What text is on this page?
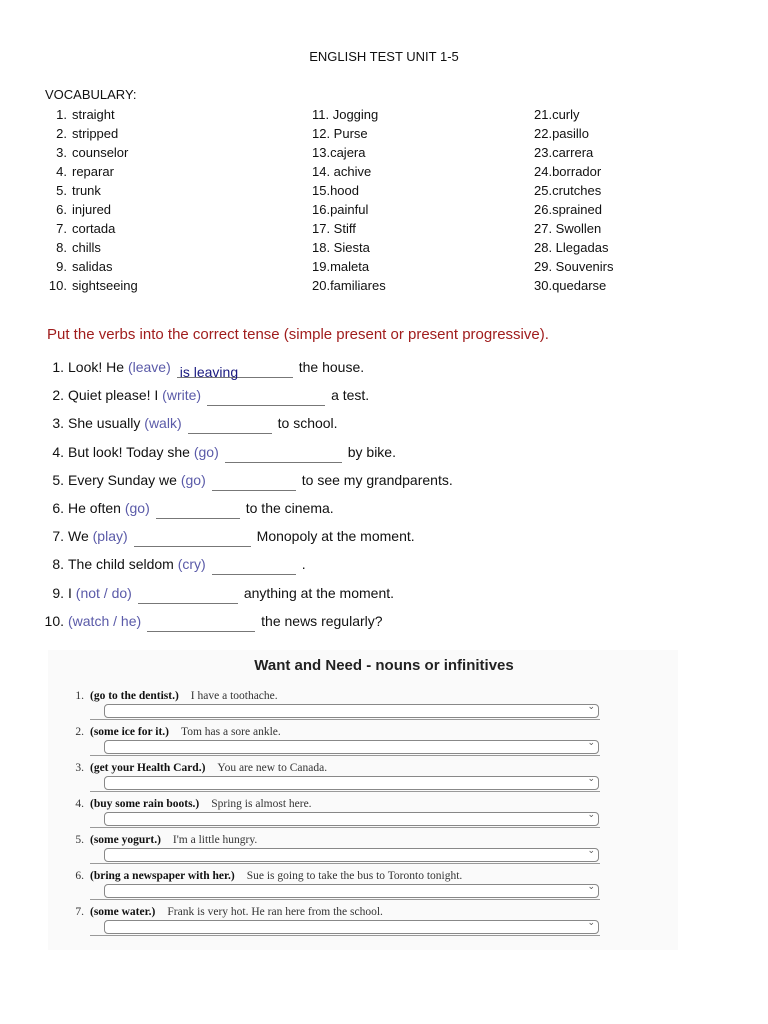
ENGLISH TEST UNIT 1-5
VOCABULARY:
1. straight
2. stripped
3. counselor
4. reparar
5. trunk
6. injured
7. cortada
8. chills
9. salidas
10. sightseeing
11. Jogging
12. Purse
13.cajera
14. achive
15.hood
16.painful
17. Stiff
18. Siesta
19.maleta
20.familiares
21.curly
22.pasillo
23.carrera
24.borrador
25.crutches
26.sprained
27. Swollen
28. Llegadas
29. Souvenirs
30.quedarse
Put the verbs into the correct tense (simple present or present progressive).
1. Look! He (leave) is leaving	the house.
2. Quiet please! I (write)	a test.
3. She usually (walk)	to school.
4. But look! Today she (go)	by bike.
5. Every Sunday we (go)	to see my grandparents.
6. He often (go)	to the cinema.
7. We (play)	Monopoly at the moment.
8. The child seldom (cry)	.
9. I (not / do)	anything at the moment.
10. (watch / he)	the news regularly?
Want and Need - nouns or infinitives
1. (go to the dentist.) I have a toothache.
⌄
2. (some ice for it.) Tom has a sore ankle.
⌄
3. (get your Health Card.) You are new to Canada.
⌄
4. (buy some rain boots.) Spring is almost here.
⌄
5. (some yogurt.) I'm a little hungry.
⌄
6. (bring a newspaper with her.) Sue is going to take the bus to Toronto tonight.
⌄
7. (some water.) Frank is very hot. He ran here from the school.
⌄
